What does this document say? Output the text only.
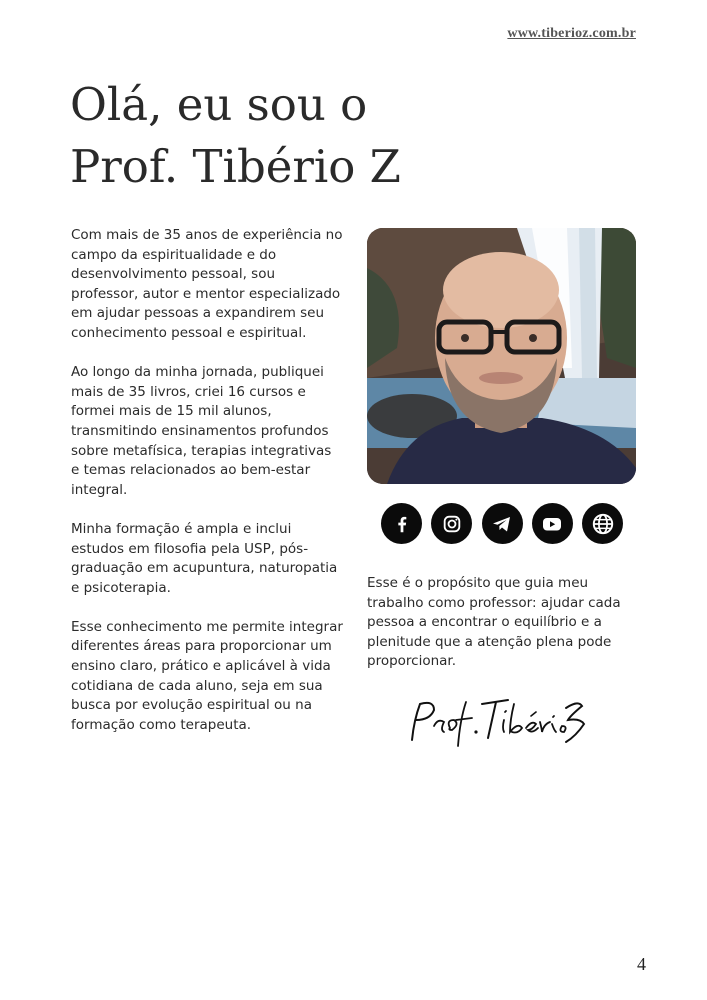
www.tiberioz.com.br
Olá, eu sou o
Prof. Tibério Z

Com mais de 35 anos de experiência no campo da espiritualidade e do desenvolvimento pessoal, sou professor, autor e mentor especializado em ajudar pessoas a expandirem seu conhecimento pessoal e espiritual.

Ao longo da minha jornada, publiquei mais de 35 livros, criei 16 cursos e formei mais de 15 mil alunos, transmitindo ensinamentos profundos sobre metafísica, terapias integrativas e temas relacionados ao bem-estar integral.

Minha formação é ampla e inclui estudos em filosofia pela USP, pós-graduação em acupuntura, naturopatia e psicoterapia.

Esse conhecimento me permite integrar diferentes áreas para proporcionar um ensino claro, prático e aplicável à vida cotidiana de cada aluno, seja em sua busca por evolução espiritual ou na formação como terapeuta.

Esse é o propósito que guia meu trabalho como professor: ajudar cada pessoa a encontrar o equilíbrio e a plenitude que a atenção plena pode proporcionar.

4
